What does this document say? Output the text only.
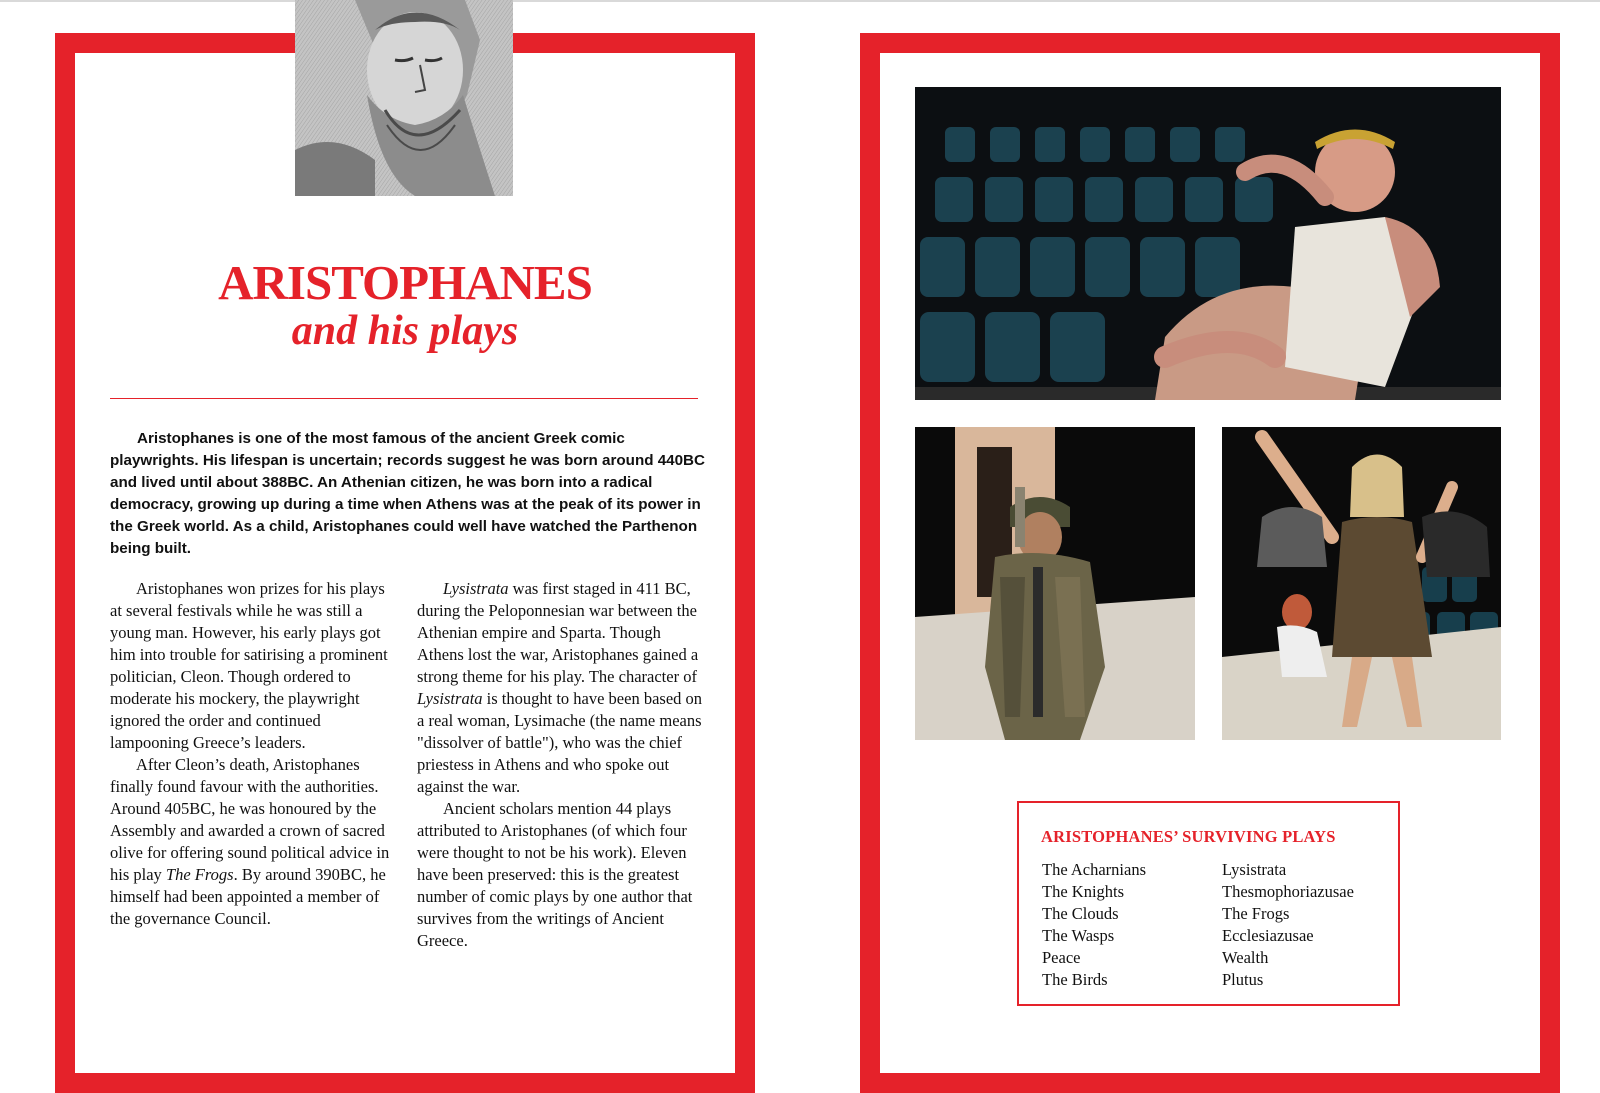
ARISTOPHANES
and his plays
Aristophanes is one of the most famous of the ancient Greek comic playwrights. His lifespan is uncertain; records suggest he was born around 440BC and lived until about 388BC. An Athenian citizen, he was born into a radical democracy, growing up during a time when Athens was at the peak of its power in the Greek world. As a child, Aristophanes could well have watched the Parthenon being built.

Aristophanes won prizes for his plays at several festivals while he was still a young man. However, his early plays got him into trouble for satirising a prominent politician, Cleon. Though ordered to moderate his mockery, the playwright ignored the order and continued lampooning Greece’s leaders.

After Cleon’s death, Aristophanes finally found favour with the authorities. Around 405BC, he was honoured by the Assembly and awarded a crown of sacred olive for offering sound political advice in his play The Frogs. By around 390BC, he himself had been appointed a member of the governance Council.

Lysistrata was first staged in 411 BC, during the Peloponnesian war between the Athenian empire and Sparta. Though Athens lost the war, Aristophanes gained a strong theme for his play. The character of Lysistrata is thought to have been based on a real woman, Lysimache (the name means "dissolver of battle"), who was the chief priestess in Athens and who spoke out against the war.

Ancient scholars mention 44 plays attributed to Aristophanes (of which four were thought to not be his work). Eleven have been preserved: this is the greatest number of comic plays by one author that survives from the writings of Ancient Greece.

ARISTOPHANES’ SURVIVING PLAYS
The Acharnians
The Knights
The Clouds
The Wasps
Peace
The Birds
Lysistrata
Thesmophoriazusae
The Frogs
Ecclesiazusae
Wealth
Plutus
